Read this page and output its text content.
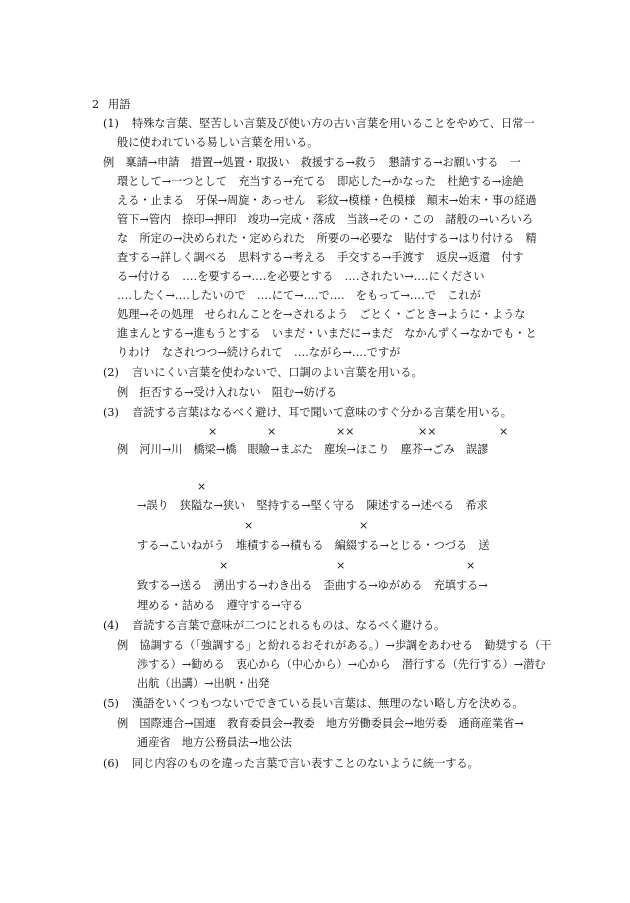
2 用語
(1) 特殊な言葉、堅苦しい言葉及び使い方の古い言葉を用いることをやめて、日常一
般に使われている易しい言葉を用いる。
例　稟請→申請　措置→処置・取扱い　救援する→救う　懇請する→お願いする　一
環として→一つとして　充当する→充てる　即応した→かなった　杜絶する→途絶
える・止まる　牙保→周旋・あっせん　彩紋→模様・色模様　顛末→始末・事の経過
管下→管内　捺印→押印　竣功→完成・落成　当該→その・この　諸般の→いろいろ
な　所定の→決められた・定められた　所要の→必要な　貼付する→はり付ける　精
査する→詳しく調べる　思料する→考える　手交する→手渡す　返戻→返還　付す
る→付ける　‥‥を要する→‥‥を必要とする　‥‥されたい→‥‥にください
‥‥したく→‥‥したいので　‥‥にて→‥‥で‥‥　をもって→‥‥で　これが
処理→その処理　せられんことを→されるよう　ごとく・ごとき→ように・ような
進まんとする→進もうとする　いまだ・いまだに→まだ　なかんずく→なかでも・と
りわけ　なされつつ→続けられて　‥‥ながら→‥‥ですが
(2) 言いにくい言葉を使わないで、口調のよい言葉を用いる。
例　拒否する→受け入れない　阻む→妨げる
(3) 音読する言葉はなるべく避け、耳で聞いて意味のすぐ分かる言葉を用いる。
×	×	××	××	×
例　河川→川　橋梁→橋　眼瞼→まぶた　塵埃→ほこり　塵芥→ごみ　誤謬
×
→誤り　狭隘な→狭い　堅持する→堅く守る　陳述する→述べる　希求
×	×
する→こいねがう　堆積する→積もる　編綴する→とじる・つづる　送
×	×	×
致する→送る　湧出する→わき出る　歪曲する→ゆがめる　充填する→
埋める・詰める　遵守する→守る
(4) 音読する言葉で意味が二つにとれるものは、なるべく避ける。
例　協調する（「強調する」と紛れるおそれがある。）→歩調をあわせる　勧奨する（干
渉する）→勧める　衷心から（中心から）→心から　潜行する（先行する）→潜む
出航（出講）→出帆・出発
(5) 漢語をいくつもつないでできている長い言葉は、無理のない略し方を決める。
例　国際連合→国連　教育委員会→教委　地方労働委員会→地労委　通商産業省→
通産省　地方公務員法→地公法
(6) 同じ内容のものを違った言葉で言い表すことのないように統一する。
